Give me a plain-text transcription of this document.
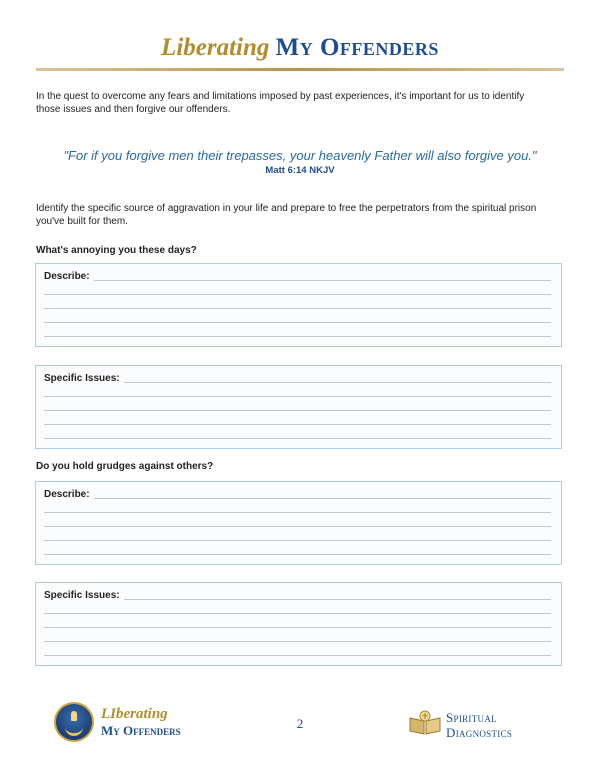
Liberating My Offenders

In the quest to overcome any fears and limitations imposed by past experiences, it's important for us to identify those issues and then forgive our offenders.

"For if you forgive men their trepasses, your heavenly Father will also forgive you."
Matt 6:14 NKJV

Identify the specific source of aggravation in your life and prepare to free the perpetrators from the spiritual prison you've built for them.

What's annoying you these days?

Describe:
Specific Issues:

Do you hold grudges against others?

Describe:
Specific Issues:
LIberating
My Offenders	2	Spiritual
Diagnostics
